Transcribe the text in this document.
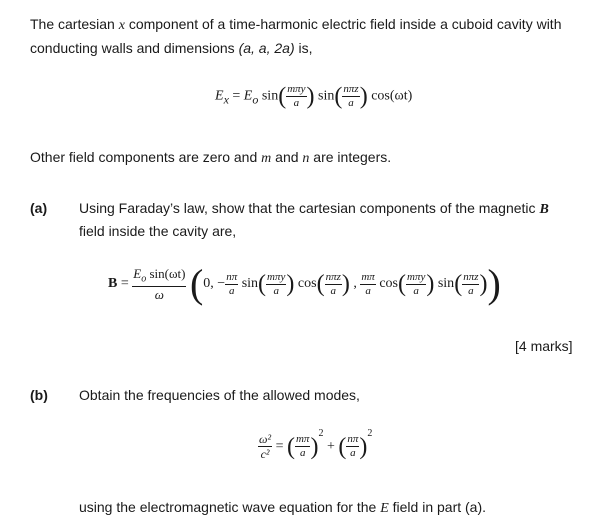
The cartesian x component of a time-harmonic electric field inside a cuboid cavity with
conducting walls and dimensions (a, a, 2a) is,
$E_x = E_o$ $\sin( \frac{\text{mπy}}{a}$ ) $\sin( \frac{\text{nπz}}{a}$ ) cos(ωt)
Other field components are zero and m and n are integers.
(a) Using Faraday’s law, show that the cartesian components of the magnetic B
field inside the cavity are,
$B = \frac{E_o \sin(\omega t)}{\omega} (0$, − $\frac{n\pi}{a} \sin( \frac{\text{mπy}}{a}$ ) $\cos( \frac{\text{nπz}}{a}$ ) , $\frac{m\pi}{a} \cos( \frac{\text{mπy}}{a}$ ) $\sin( \frac{\text{nπz}}{a}$ ))
[4 marks]
(b) Obtain the frequencies of the allowed modes,
$\frac{\text{ω²}}{\text{c²}}$ = ( $\frac{m\pi}{a} )^2$ + ( $\frac{n\pi}{a} )^2$
using the electromagnetic wave equation for the E field in part (a).
